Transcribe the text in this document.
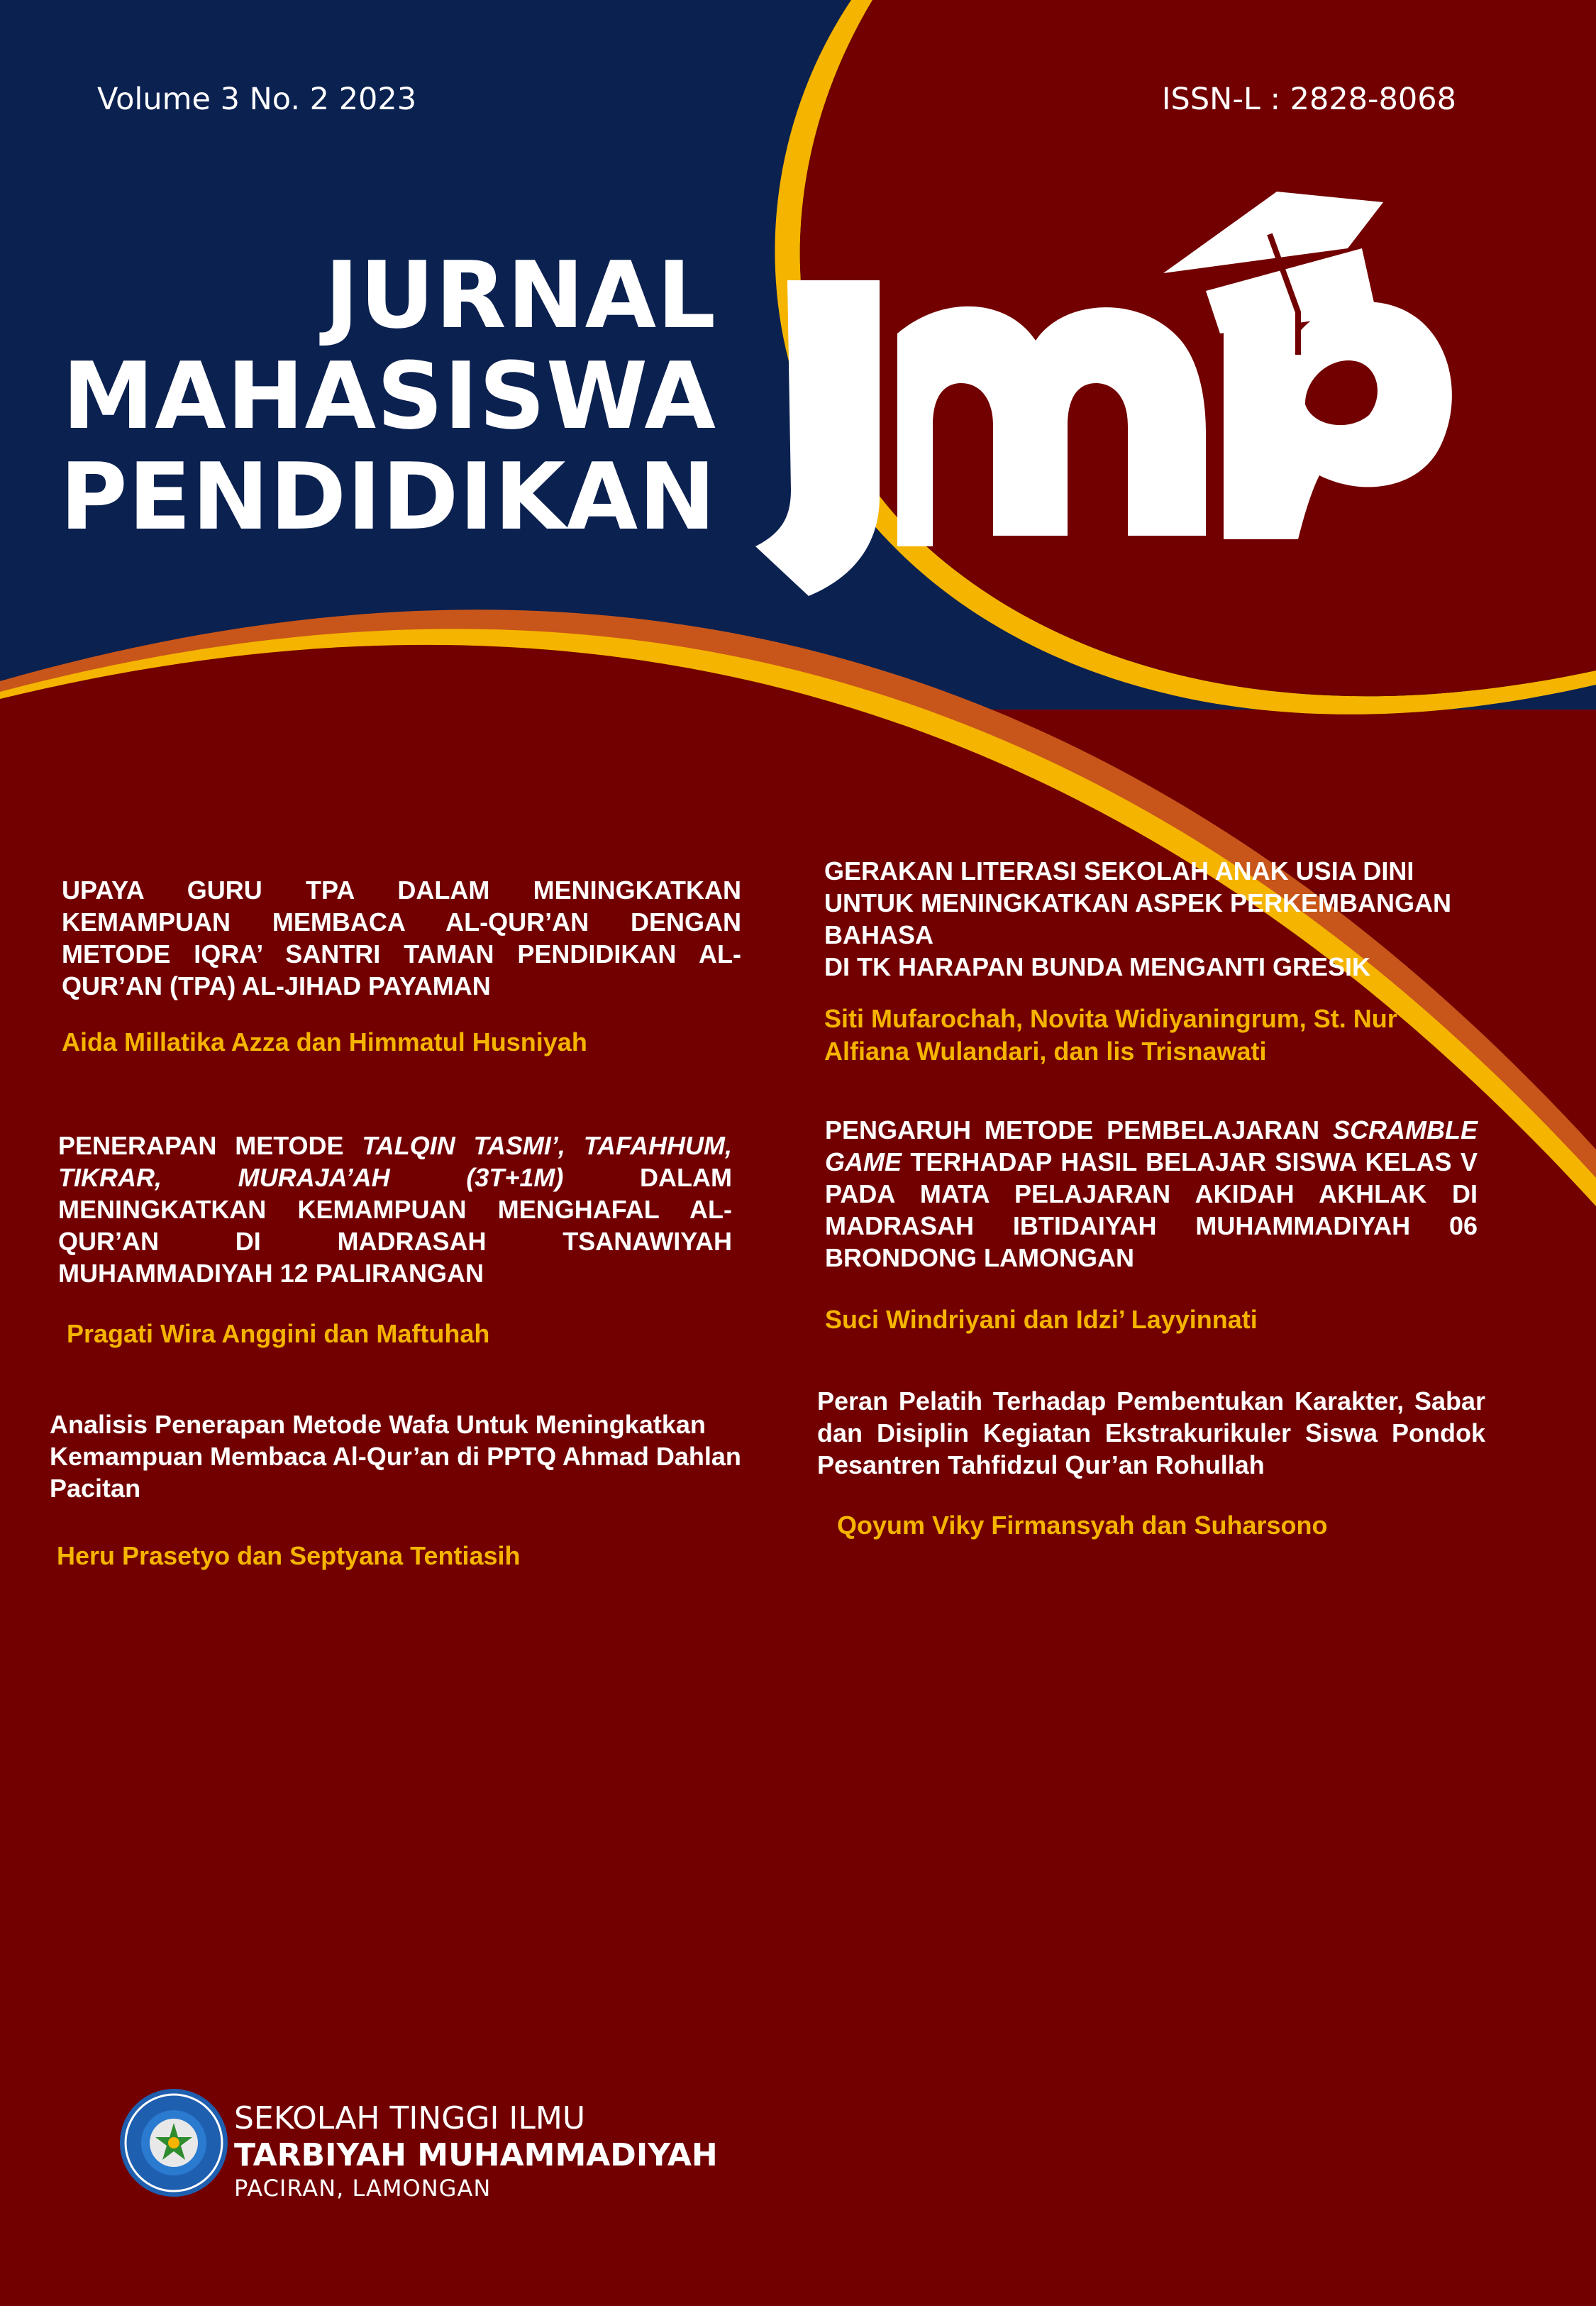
Volume 3 No. 2 2023	ISSN-L : 2828-8068
JURNAL
MAHASISWA
PENDIDIKAN
UPAYA GURU TPA DALAM MENINGKATKAN KEMAMPUAN MEMBACA AL-QUR’AN DENGAN METODE IQRA’ SANTRI TAMAN PENDIDIKAN AL-QUR’AN (TPA) AL-JIHAD PAYAMAN
Aida Millatika Azza dan Himmatul Husniyah
PENERAPAN METODE TALQIN TASMI’, TAFAHHUM, TIKRAR, MURAJA’AH (3T+1M) DALAM MENINGKATKAN KEMAMPUAN MENGHAFAL AL-QUR’AN DI MADRASAH TSANAWIYAH MUHAMMADIYAH 12 PALIRANGAN
Pragati Wira Anggini dan Maftuhah
Analisis Penerapan Metode Wafa Untuk Meningkatkan Kemampuan Membaca Al-Qur’an di PPTQ Ahmad Dahlan Pacitan
Heru Prasetyo dan Septyana Tentiasih
GERAKAN LITERASI SEKOLAH ANAK USIA DINI
UNTUK MENINGKATKAN ASPEK PERKEMBANGAN
BAHASA
DI TK HARAPAN BUNDA MENGANTI GRESIK
Siti Mufarochah, Novita Widiyaningrum, St. Nur Alfiana Wulandari, dan lis Trisnawati
PENGARUH METODE PEMBELAJARAN SCRAMBLE GAME TERHADAP HASIL BELAJAR SISWA KELAS V PADA MATA PELAJARAN AKIDAH AKHLAK DI MADRASAH IBTIDAIYAH MUHAMMADIYAH 06 BRONDONG LAMONGAN
Suci Windriyani dan Idzi’ Layyinnati
Peran Pelatih Terhadap Pembentukan Karakter, Sabar dan Disiplin Kegiatan Ekstrakurikuler Siswa Pondok Pesantren Tahfidzul Qur’an Rohullah
Qoyum Viky Firmansyah dan Suharsono
SEKOLAH TINGGI ILMU
TARBIYAH MUHAMMADIYAH
PACIRAN, LAMONGAN
